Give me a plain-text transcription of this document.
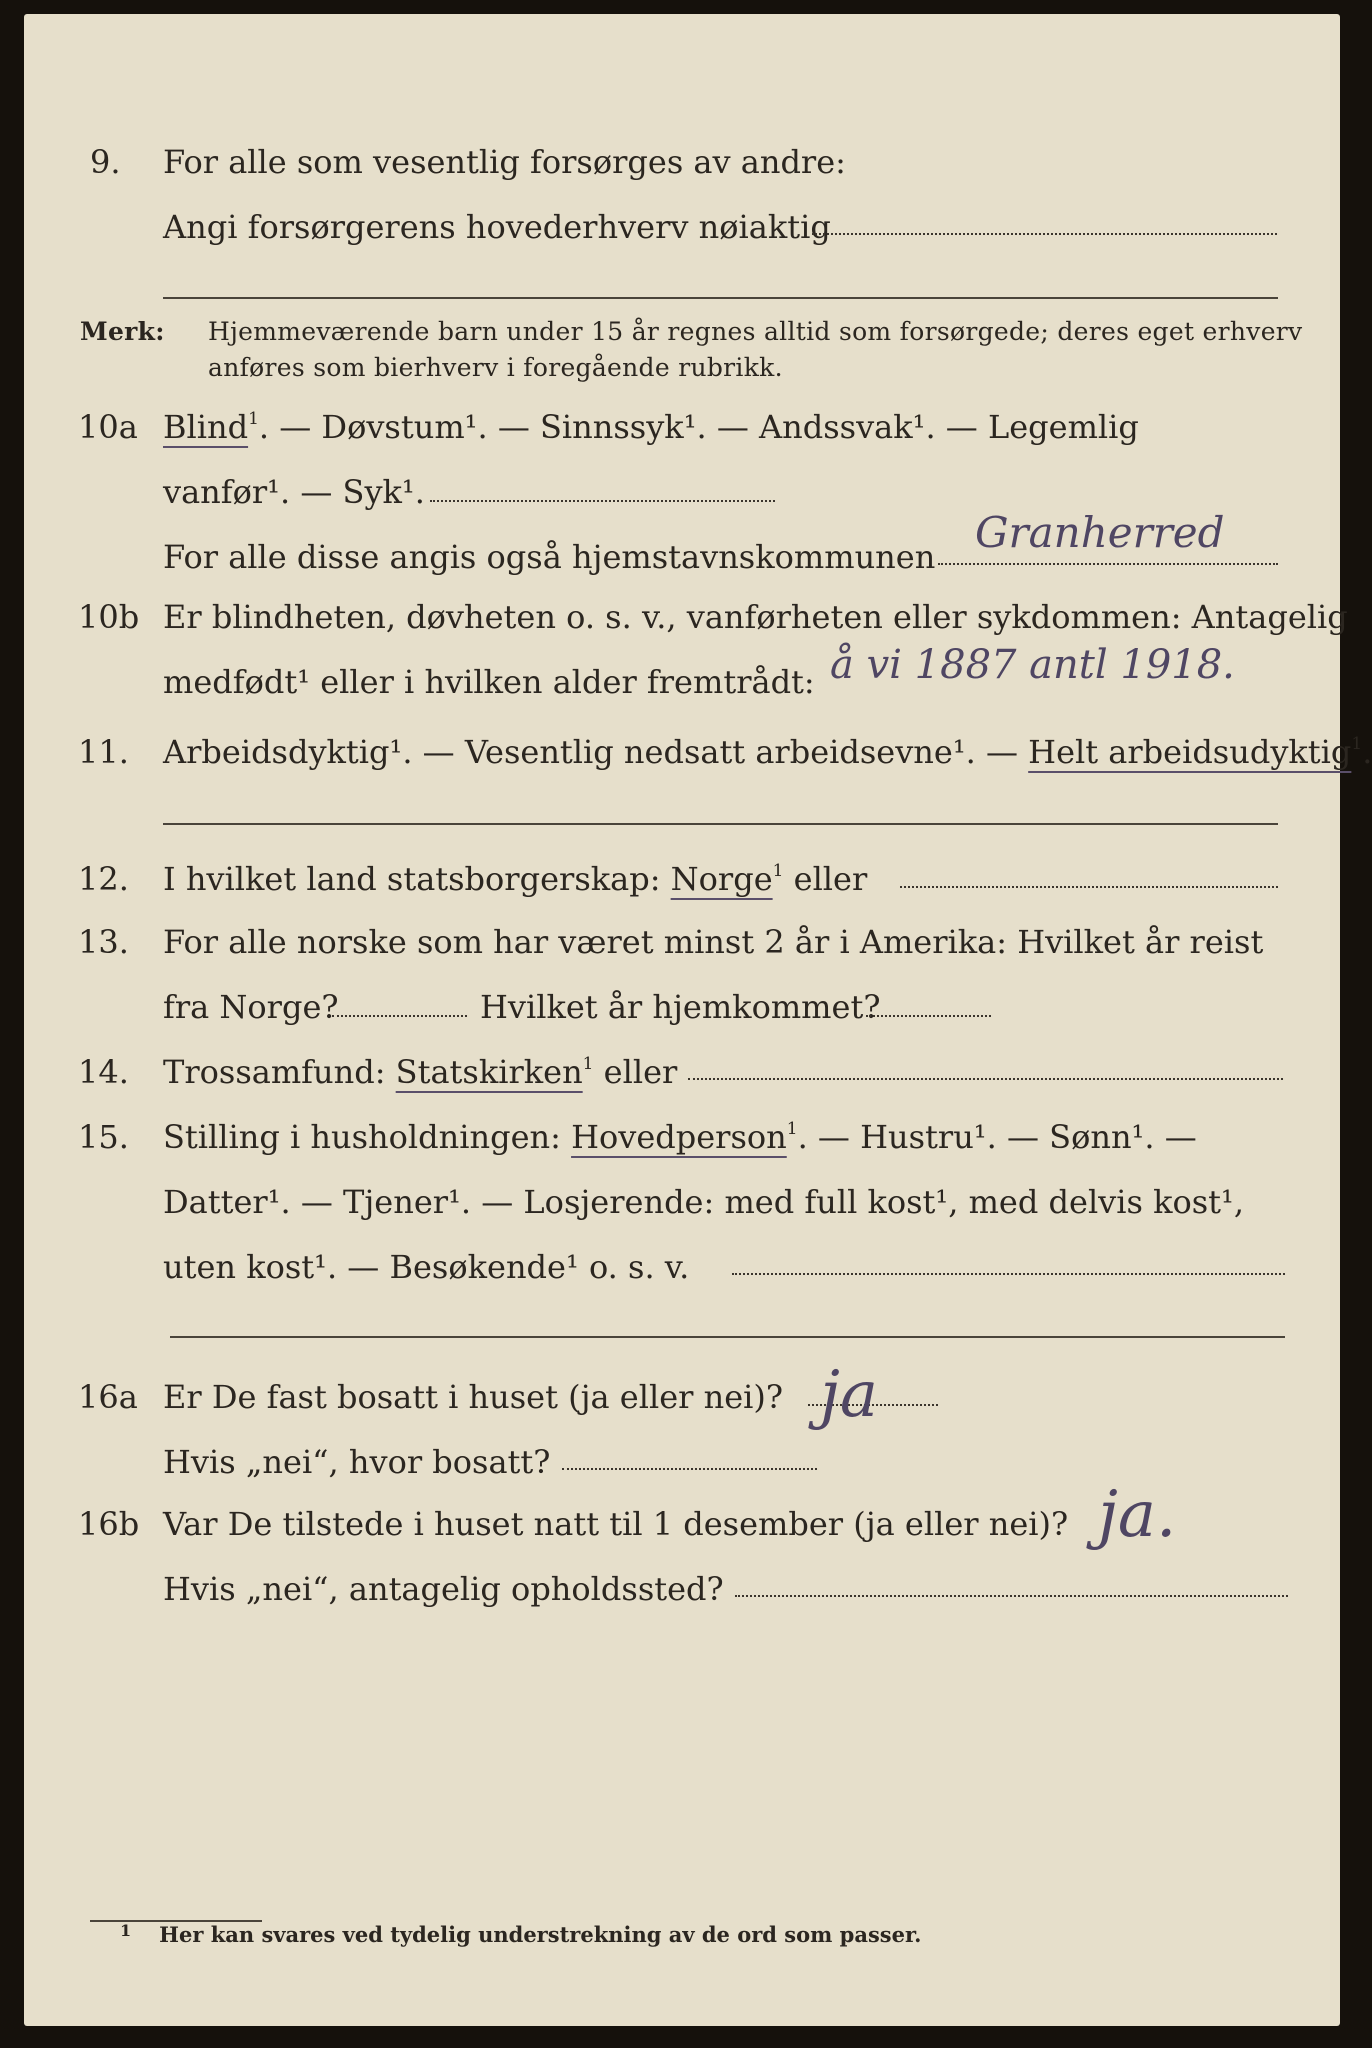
9. For alle som vesentlig forsørges av andre:
Angi forsørgerens hovederhverv nøiaktig
Merk: Hjemmeværende barn under 15 år regnes alltid som forsørgede; deres eget erhverv
anføres som bierhverv i foregående rubrikk.
10a Blind$^1$. — Døvstum¹. — Sinnssyk¹. — Andssvak¹. — Legemlig
vanfør¹. — Syk¹.
For alle disse angis også hjemstavnskommunen Granherred
10b Er blindheten, døvheten o. s. v., vanførheten eller sykdommen: Antagelig
medfødt¹ eller i hvilken alder fremtrådt: å vi 1887 antl 1918.
11. Arbeidsdyktig¹. — Vesentlig nedsatt arbeidsevne¹. — Helt arbeidsudyktig$^1$.
12. I hvilket land statsborgerskap: Norge$^1$ eller
13. For alle norske som har været minst 2 år i Amerika: Hvilket år reist
fra Norge?	Hvilket år hjemkommet?
14. Trossamfund: Statskirken$^1$ eller
15. Stilling i husholdningen: Hovedperson$^1$. — Hustru¹. — Sønn¹. —
Datter¹. — Tjener¹. — Losjerende: med full kost¹, med delvis kost¹,
uten kost¹. — Besøkende¹ o. s. v.
16a Er De fast bosatt i huset (ja eller nei)? ja
Hvis „nei“, hvor bosatt?
16b Var De tilstede i huset natt til 1 desember (ja eller nei)? ja.
Hvis „nei“, antagelig opholdssted?
$^1$ Her kan svares ved tydelig understrekning av de ord som passer.
